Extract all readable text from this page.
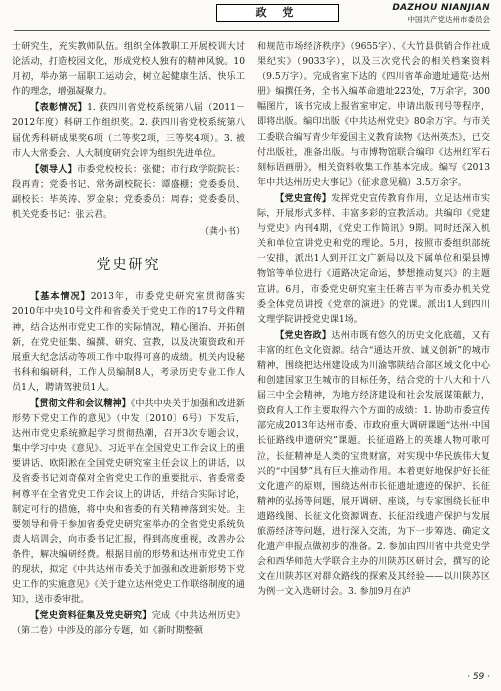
政 党	DAZHOU NIANJIAN
中国共产党达州市委员会

士研究生，充实教师队伍。组织全体教职工开展校训大讨论活动，打造校园文化，形成党校人独有的精神风貌。10月初，举办第一届职工运动会，树立起健康生活、快乐工作的理念，增强凝聚力。

【表彰情况】1. 获四川省党校系统第八届（2011－2012年度）科研工作组织奖。2. 获四川省党校系统第八届优秀科研成果奖6项（二等奖2项，三等奖4项）。3. 被市人大常委会、人大制度研究会评为组织先进单位。

【领导人】市委党校校长：张健；市行政学院院长：段再青；党委书记、常务副校院长：谭盛棚；党委委员、副校长：毕英涛、罗金泉；党委委员：周春；党委委员、机关党委书记：张云君。

（龚小书）
党史研究

【基本情况】2013年，市委党史研究室贯彻落实2010年中央10号文件和省委关于党史工作的17号文件精神，结合达州市党史工作的实际情况，精心图治、开拓创新，在党史征集、编撰、研究、宣教，以及决策资政和开展重大纪念活动等项工作中取得可喜的成绩。机关内设秘书科和编研科，工作人员编制8人，考录历史专业工作人员1人，聘请驾驶员1人。

【贯彻文件和会议精神】《中共中央关于加强和改进新形势下党史工作的意见》（中发〔2010〕6号）下发后，达州市党史系统掀起学习贯彻热潮，召开3次专题会议，集中学习中央《意见》、习近平在全国党史工作会议上的重要讲话、欧阳淞在全国党史研究室主任会议上的讲话，以及省委书记刘奇葆对全省党史工作的重要批示、省委常委柯尊平在全省党史工作会议上的讲话，并结合实际讨论，制定可行的措施，将中央和省委的有关精神落到实处。主要领导和骨干参加省委党史研究室举办的全省党史系统负责人培训会，向市委书记汇报，得到高度重视，改善办公条件，解决编研经费。根据目前的形势和达州市党史工作的现状，拟定《中共达州市委关于加强和改进新形势下党史工作的实施意见》《关于建立达州党史工作联络制度的通知》，送市委审批。

【党史资料征集及党史研究】完成《中共达州历史》（第二卷）中涉及的部分专题，如《新时期整顿

和规范市场经济秩序》（9655字）、《大竹县供销合作社成果纪实》（9033字），以及三次党代会的相关档案资料（9.5万字）。完成省室下达的《四川省革命遗址通览·达州册》编撰任务，全书入编革命遗址223处，7万余字，300幅图片，该书完成上报省室审定、申请出版刊号等程序，即将出版。编印出版《中共达州党史》80余万字。与市关工委联合编写青少年爱国主义教育读物《达州英杰》，已交付出版社，准备出版。与市博物馆联合编印《达州红军石刻标语画册》，相关资料收集工作基本完成。编写《2013年中共达州历史大事记》（征求意见稿）3.5万余字。

【党史宣传】发挥党史宣传教育作用，立足达州市实际，开展形式多样、丰富多彩的宣教活动。共编印《党建与党史》内刊4期，《党史工作简讯》9期。同时还深入机关和单位宣讲党史和党的理论。5月，按照市委组织部统一安排，派出1人到开江文广新局以及下属单位和渠县博物馆等单位进行《道路决定命运，梦想推动复兴》的主题宣讲。6月，市委党史研究室主任蒋吉平为市委办机关党委全体党员讲授《党章的演进》的党课。派出1人到四川文理学院讲授党史课1场。

【党史咨政】达州市既有悠久的历史文化底蕴，又有丰富的红色文化资源。结合“通达开放、诚义创新”的城市精神，围绕把达州建设成为川渝鄂陕结合部区域文化中心和创建国家卫生城市的目标任务，结合党的十八大和十八届三中全会精神，为地方经济建设和社会发展谋策献力，资政育人工作主要取得六个方面的成绩：1. 协助市委宣传部完成2013年达州市委、市政府重大调研课题“达州·中国长征路线申遗研究”课题。长征道路上的英雄人物可歌可泣，长征精神是人类的宝贵财富，对实现中华民族伟大复兴的“中国梦”具有巨大推动作用。本着更好地保护好长征文化遗产的原则，围绕达州市长征遗址遗迹的保护、长征精神的弘扬等问题，展开调研、座谈，与专家围绕长征申遗路线图、长征文化资源调查、长征沿线遗产保护与发展旅游经济等问题，进行深入交流，为下一步筹选、确定文化遗产申报点做初步的准备。2. 参加由四川省中共党史学会和西华师范大学联合主办的川陕苏区研讨会，撰写的论文在川陕苏区对群众路线的探索及其经验——以川陕苏区为例一文入选研讨会。3. 参加9月在泸

· 59 ·
